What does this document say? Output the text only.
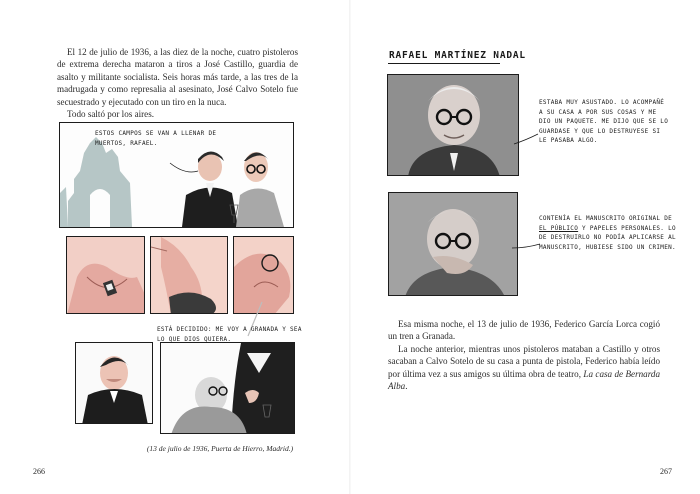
El 12 de julio de 1936, a las diez de la noche, cuatro pistoleros de extrema derecha mataron a tiros a José Castillo, guardia de asalto y militante socialista. Seis horas más tarde, a las tres de la madrugada y como represalia al asesinato, José Calvo Sotelo fue secuestrado y ejecutado con un tiro en la nuca.

Todo saltó por los aires.

ESTOS CAMPOS SE VAN A LLENAR DE MUERTOS, RAFAEL.
ESTÁ DECIDIDO: ME VOY A GRANADA Y SEA LO QUE DIOS QUIERA.
(13 de julio de 1936, Puerta de Hierro, Madrid.)
266
RAFAEL MARTÍNEZ NADAL
ESTABA MUY ASUSTADO. LO ACOMPAÑÉ A SU CASA A POR SUS COSAS Y ME DIO UN PAQUETE. ME DIJO QUE SE LO GUARDASE Y QUE LO DESTRUYESE SI LE PASABA ALGO.
CONTENÍA EL MANUSCRITO ORIGINAL DE EL PÚBLICO Y PAPELES PERSONALES. LO DE DESTRUIRLO NO PODÍA APLICARSE AL MANUSCRITO, HUBIESE SIDO UN CRIMEN.

Esa misma noche, el 13 de julio de 1936, Federico García Lorca cogió un tren a Granada.

La noche anterior, mientras unos pistoleros mataban a Castillo y otros sacaban a Calvo Sotelo de su casa a punta de pistola, Federico había leído por última vez a sus amigos su última obra de teatro, La casa de Bernarda Alba.

267
